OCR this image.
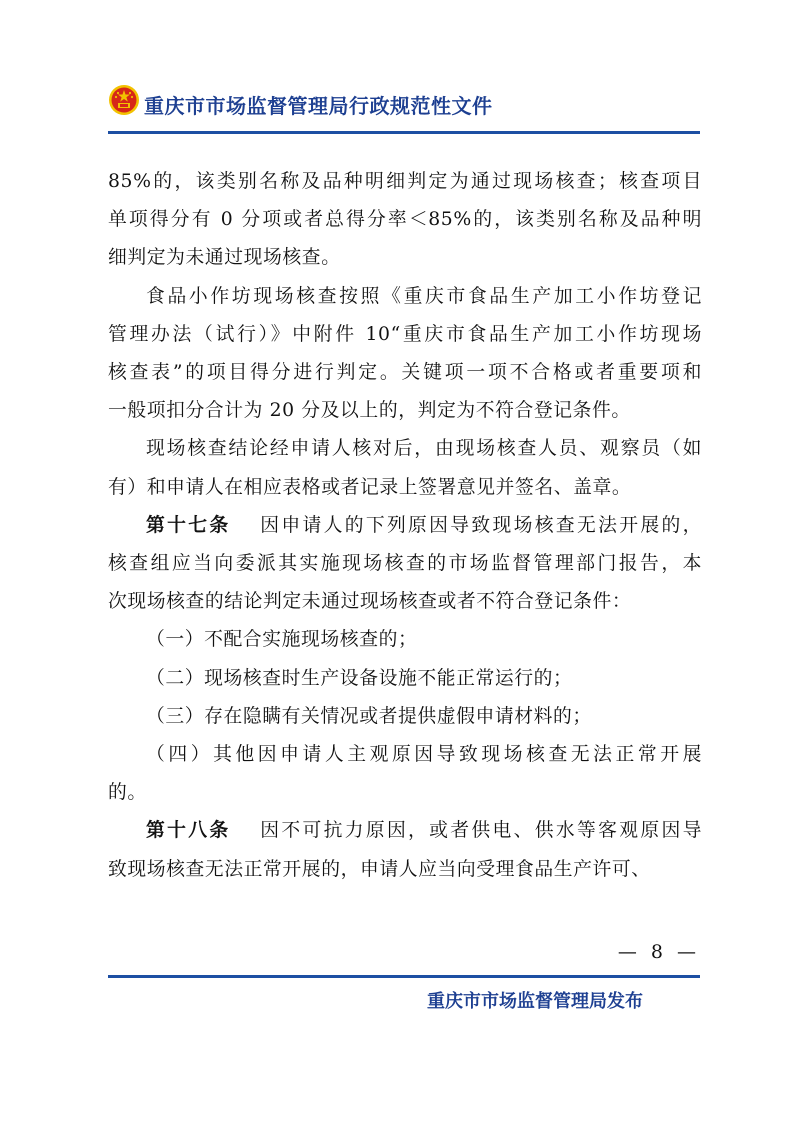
重庆市市场监督管理局行政规范性文件
85%的，该类别名称及品种明细判定为通过现场核查；核查项目
单项得分有 0 分项或者总得分率＜85%的，该类别名称及品种明
细判定为未通过现场核查。
食品小作坊现场核查按照《重庆市食品生产加工小作坊登记
管理办法（试行）》中附件 10“重庆市食品生产加工小作坊现场
核查表”的项目得分进行判定。关键项一项不合格或者重要项和
一般项扣分合计为 20 分及以上的，判定为不符合登记条件。
现场核查结论经申请人核对后，由现场核查人员、观察员（如
有）和申请人在相应表格或者记录上签署意见并签名、盖章。
第十七条 因申请人的下列原因导致现场核查无法开展的，
核查组应当向委派其实施现场核查的市场监督管理部门报告，本
次现场核查的结论判定未通过现场核查或者不符合登记条件：
（一）不配合实施现场核查的；
（二）现场核查时生产设备设施不能正常运行的；
（三）存在隐瞒有关情况或者提供虚假申请材料的；
（四）其他因申请人主观原因导致现场核查无法正常开展
的。
第十八条 因不可抗力原因，或者供电、供水等客观原因导
致现场核查无法正常开展的，申请人应当向受理食品生产许可、
— 8 —
重庆市市场监督管理局发布
